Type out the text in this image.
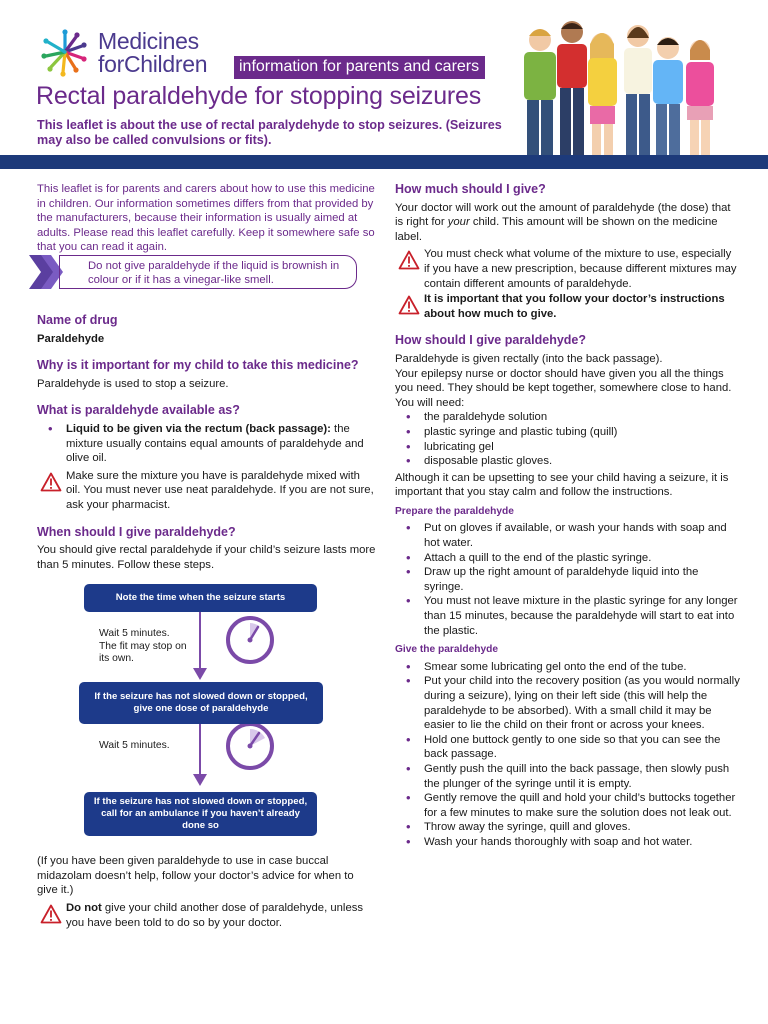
Medicines
forChildren	information for parents and carers
Rectal paraldehyde for stopping seizures
This leaflet is about the use of rectal paralydehyde to stop seizures. (Seizures may also be called convulsions or fits).

This leaflet is for parents and carers about how to use this medicine in children. Our information sometimes differs from that provided by the manufacturers, because their information is usually aimed at adults. Please read this leaflet carefully. Keep it somewhere safe so that you can read it again.

Do not give paraldehyde if the liquid is brownish in colour or if it has a vinegar-like smell.
Name of drug

Paraldehyde

Why is it important for my child to take this medicine?

Paraldehyde is used to stop a seizure.

What is paraldehyde available as?
• Liquid to be given via the rectum (back passage): the mixture usually contains equal amounts of paraldehyde and olive oil.
Make sure the mixture you have is paraldehyde mixed with oil. You must never use neat paraldehyde. If you are not sure, ask your pharmacist.
When should I give paraldehyde?

You should give rectal paraldehyde if your child’s seizure lasts more than 5 minutes. Follow these steps.

Note the time when the seizure starts
Wait 5 minutes. The fit may stop on its own.
If the seizure has not slowed down or stopped, give one dose of paraldehyde
Wait 5 minutes.
If the seizure has not slowed down or stopped, call for an ambulance if you haven’t already done so

(If you have been given paraldehyde to use in case buccal midazolam doesn’t help, follow your doctor’s advice for when to give it.)

Do not give your child another dose of paraldehyde, unless you have been told to do so by your doctor.
How much should I give?

Your doctor will work out the amount of paraldehyde (the dose) that is right for your child. This amount will be shown on the medicine label.

You must check what volume of the mixture to use, especially if you have a new prescription, because different mixtures may contain different amounts of paraldehyde.
It is important that you follow your doctor’s instructions about how much to give.
How should I give paraldehyde?

Paraldehyde is given rectally (into the back passage).

Your epilepsy nurse or doctor should have given you all the things you need. They should be kept together, somewhere close to hand. You will need:

• the paraldehyde solution
• plastic syringe and plastic tubing (quill)
• lubricating gel
• disposable plastic gloves.

Although it can be upsetting to see your child having a seizure, it is important that you stay calm and follow the instructions.

Prepare the paraldehyde
• Put on gloves if available, or wash your hands with soap and hot water.
• Attach a quill to the end of the plastic syringe.
• Draw up the right amount of paraldehyde liquid into the syringe.
• You must not leave mixture in the plastic syringe for any longer than 15 minutes, because the paraldehyde will start to eat into the plastic.
Give the paraldehyde
• Smear some lubricating gel onto the end of the tube.
• Put your child into the recovery position (as you would normally during a seizure), lying on their left side (this will help the paraldehyde to be absorbed). With a small child it may be easier to lie the child on their front or across your knees.
• Hold one buttock gently to one side so that you can see the back passage.
• Gently push the quill into the back passage, then slowly push the plunger of the syringe until it is empty.
• Gently remove the quill and hold your child’s buttocks together for a few minutes to make sure the solution does not leak out.
• Throw away the syringe, quill and gloves.
• Wash your hands thoroughly with soap and hot water.
